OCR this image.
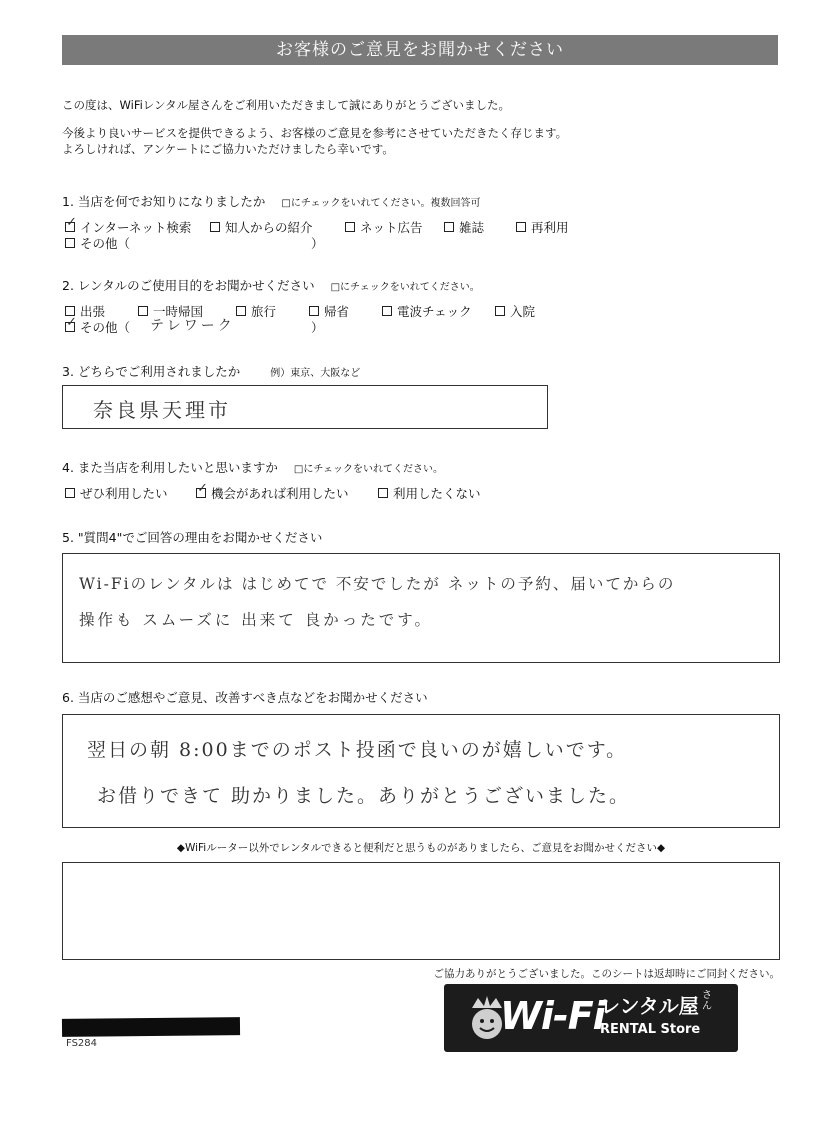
お客様のご意見をお聞かせください
この度は、WiFiレンタル屋さんをご利用いただきまして誠にありがとうございました。
今後より良いサービスを提供できるよう、お客様のご意見を参考にさせていただきたく存じます。
よろしければ、アンケートにご協力いただけましたら幸いです。
1. 当店を何でお知りになりましたか □にチェックをいれてください。複数回答可
✓
インターネット検索	知人からの紹介	ネット広告	雑誌	再利用
その他（	）
2. レンタルのご使用目的をお聞かせください □にチェックをいれてください。
出張	一時帰国	旅行	帰省	電波チェック	入院
✓
その他（ テレワーク	）
3. どちらでご利用されましたか	例）東京、大阪など
奈良県天理市
4. また当店を利用したいと思いますか □にチェックをいれてください。
ぜひ利用したい
✓	機会があれば利用したい	利用したくない
5. "質問4"でご回答の理由をお聞かせください
Wi-Fiのレンタルは はじめてで 不安でしたが ネットの予約、届いてからの
操作も スムーズに 出来て 良かったです。
6. 当店のご感想やご意見、改善すべき点などをお聞かせください
翌日の朝 8:00までのポスト投函で良いのが嬉しいです。
お借りできて 助かりました。ありがとうございました。
◆WiFiルーター以外でレンタルできると便利だと思うものがありましたら、ご意見をお聞かせください◆
ご協力ありがとうございました。このシートは返却時にご同封ください。
FS284
Wi-Fi
レンタル屋 さん
RENTAL Store
